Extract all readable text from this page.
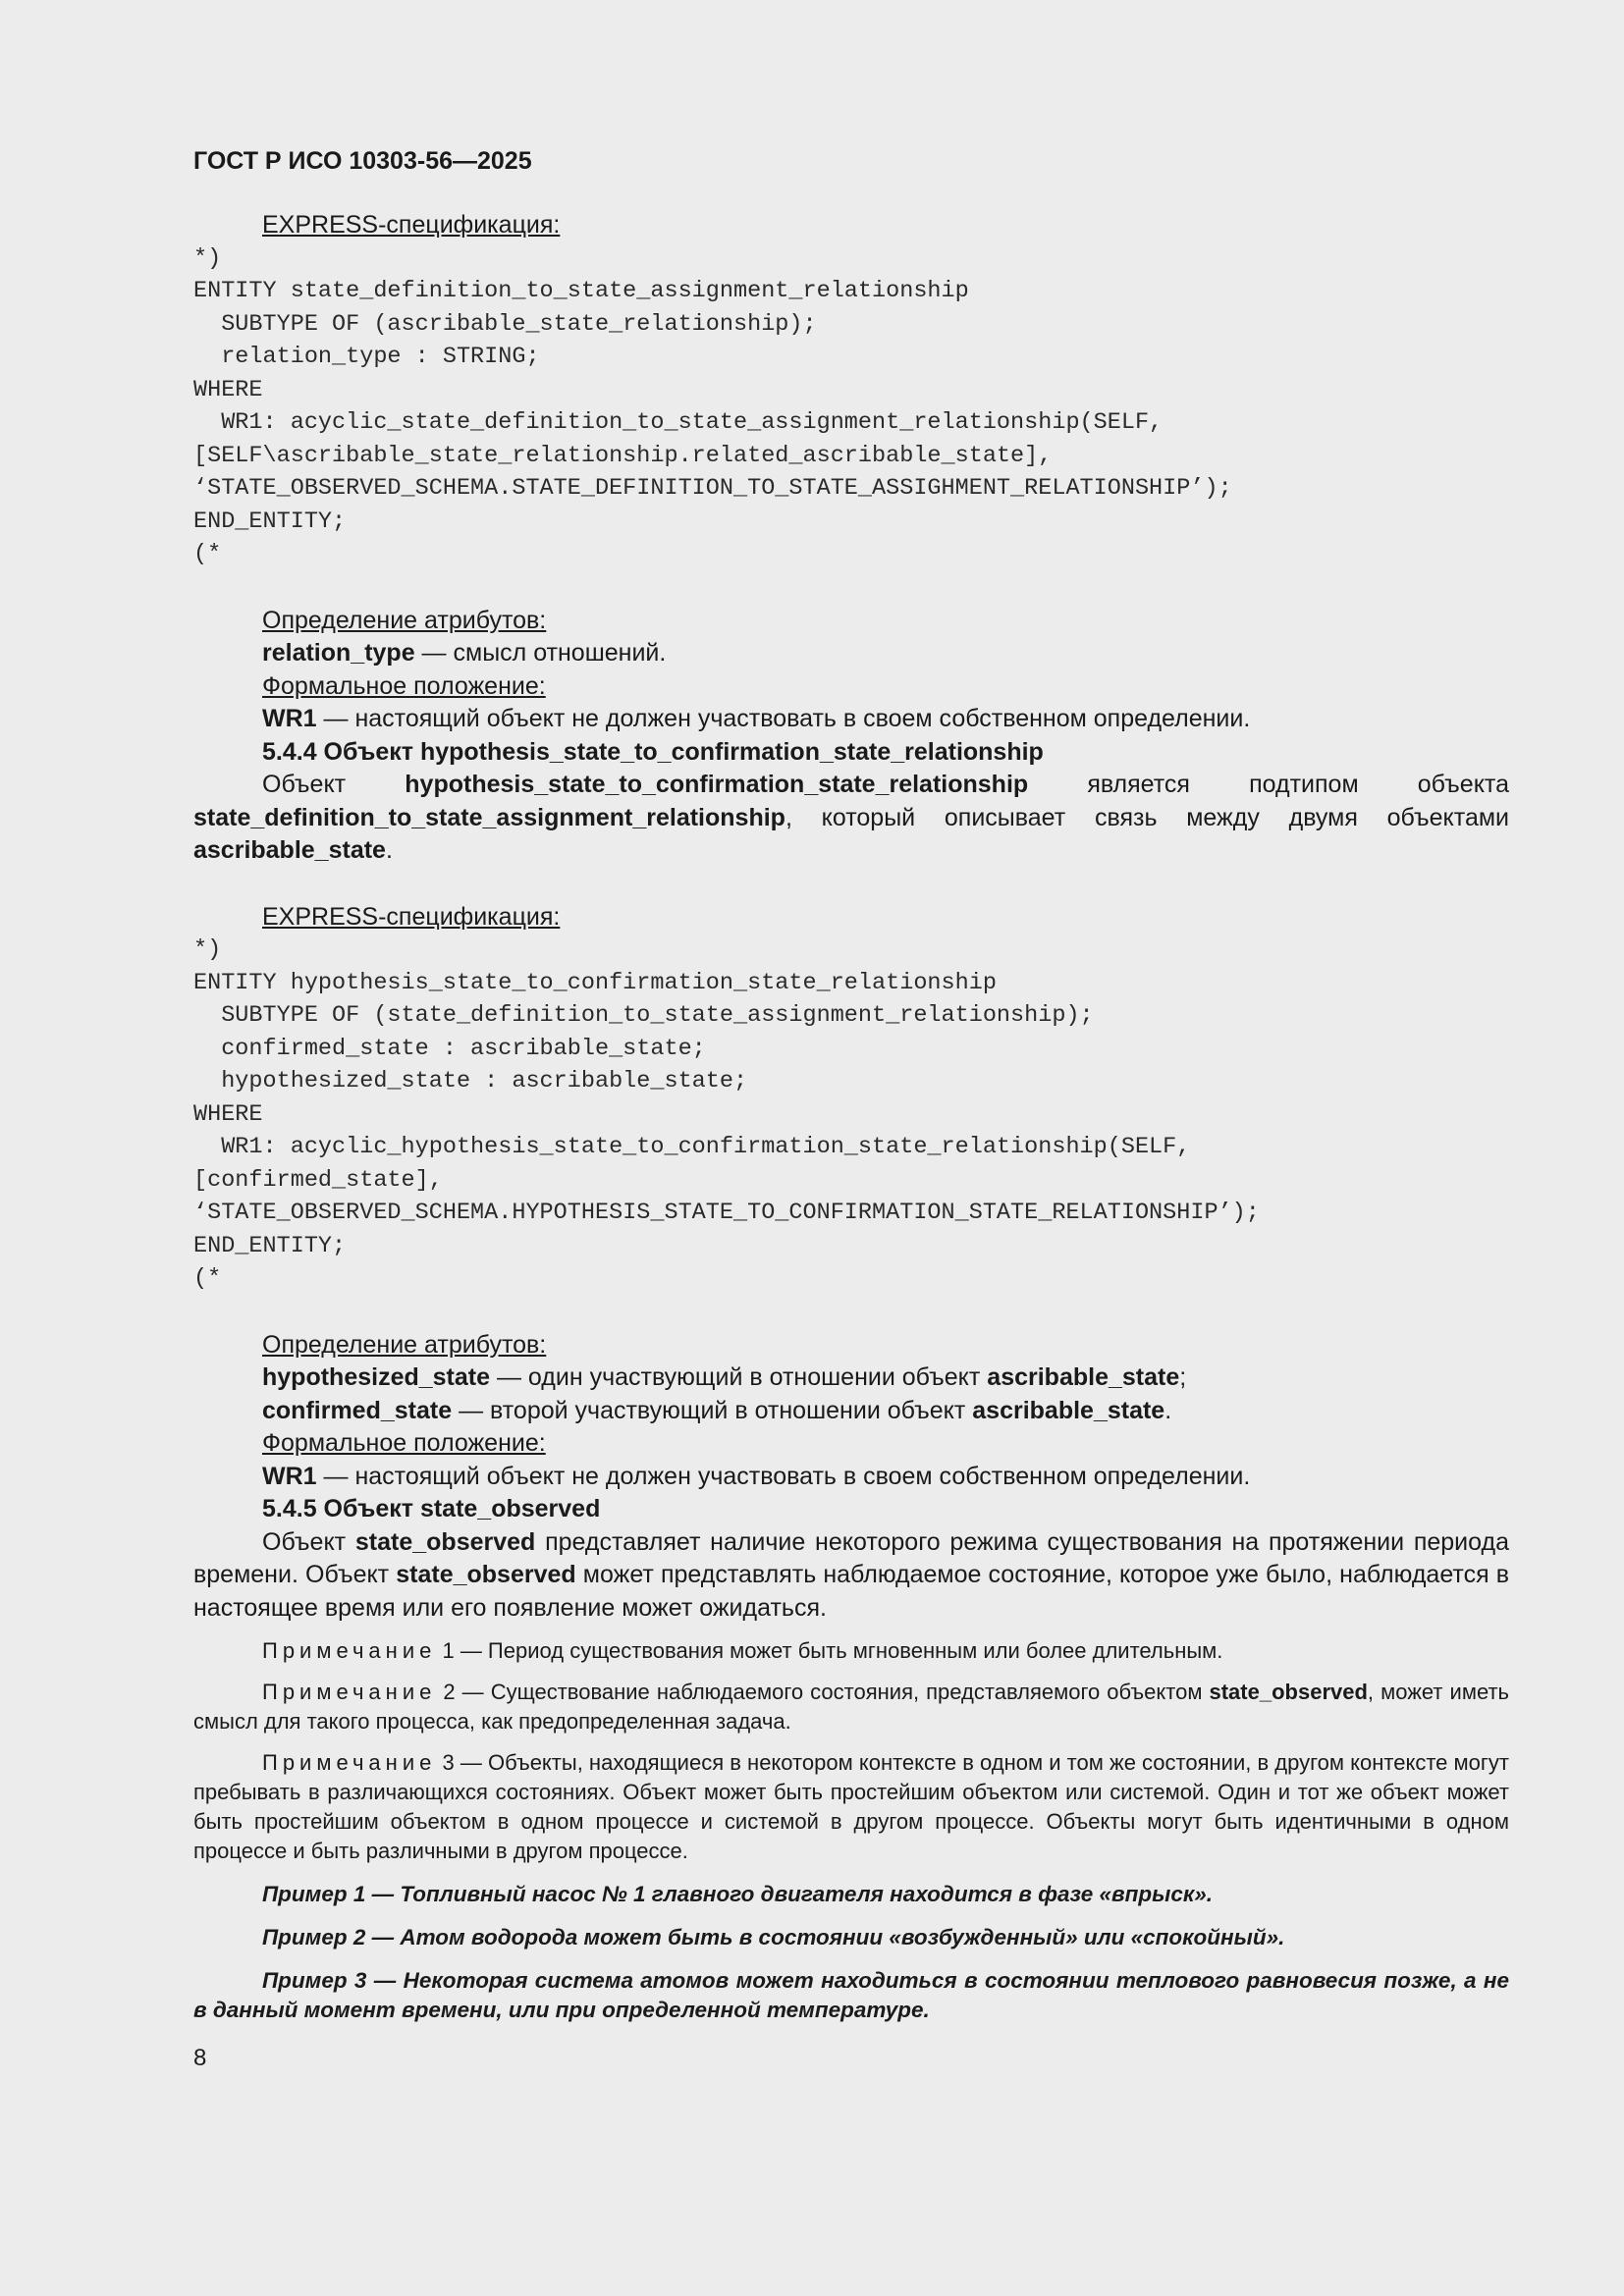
ГОСТ Р ИСО 10303-56—2025

EXPRESS-спецификация:

*)
ENTITY state_definition_to_state_assignment_relationship
SUBTYPE OF (ascribable_state_relationship);
relation_type : STRING;
WHERE
WR1: acyclic_state_definition_to_state_assignment_relationship(SELF,
[SELF\ascribable_state_relationship.related_ascribable_state],
‘STATE_OBSERVED_SCHEMA.STATE_DEFINITION_TO_STATE_ASSIGHMENT_RELATIONSHIP’);
END_ENTITY;
(*

Определение атрибутов:

relation_type — смысл отношений.

Формальное положение:

WR1 — настоящий объект не должен участвовать в своем собственном определении.

5.4.4 Объект hypothesis_state_to_confirmation_state_relationship

Объект hypothesis_state_to_confirmation_state_relationship является подтипом объекта state_definition_to_state_assignment_relationship, который описывает связь между двумя объектами ascribable_state.

EXPRESS-спецификация:

*)
ENTITY hypothesis_state_to_confirmation_state_relationship
SUBTYPE OF (state_definition_to_state_assignment_relationship);
confirmed_state : ascribable_state;
hypothesized_state : ascribable_state;
WHERE
WR1: acyclic_hypothesis_state_to_confirmation_state_relationship(SELF,
[confirmed_state],
‘STATE_OBSERVED_SCHEMA.HYPOTHESIS_STATE_TO_CONFIRMATION_STATE_RELATIONSHIP’);
END_ENTITY;
(*

Определение атрибутов:

hypothesized_state — один участвующий в отношении объект ascribable_state;

confirmed_state — второй участвующий в отношении объект ascribable_state.

Формальное положение:

WR1 — настоящий объект не должен участвовать в своем собственном определении.

5.4.5 Объект state_observed

Объект state_observed представляет наличие некоторого режима существования на протяжении периода времени. Объект state_observed может представлять наблюдаемое состояние, которое уже было, наблюдается в настоящее время или его появление может ожидаться.

Примечание 1 — Период существования может быть мгновенным или более длительным.

Примечание 2 — Существование наблюдаемого состояния, представляемого объектом state_observed, может иметь смысл для такого процесса, как предопределенная задача.

Примечание 3 — Объекты, находящиеся в некотором контексте в одном и том же состоянии, в другом контексте могут пребывать в различающихся состояниях. Объект может быть простейшим объектом или системой. Один и тот же объект может быть простейшим объектом в одном процессе и системой в другом процессе. Объекты могут быть идентичными в одном процессе и быть различными в другом процессе.

Пример 1 — Топливный насос № 1 главного двигателя находится в фазе «впрыск».

Пример 2 — Атом водорода может быть в состоянии «возбужденный» или «спокойный».

Пример 3 — Некоторая система атомов может находиться в состоянии теплового равновесия позже, а не в данный момент времени, или при определенной температуре.

8
